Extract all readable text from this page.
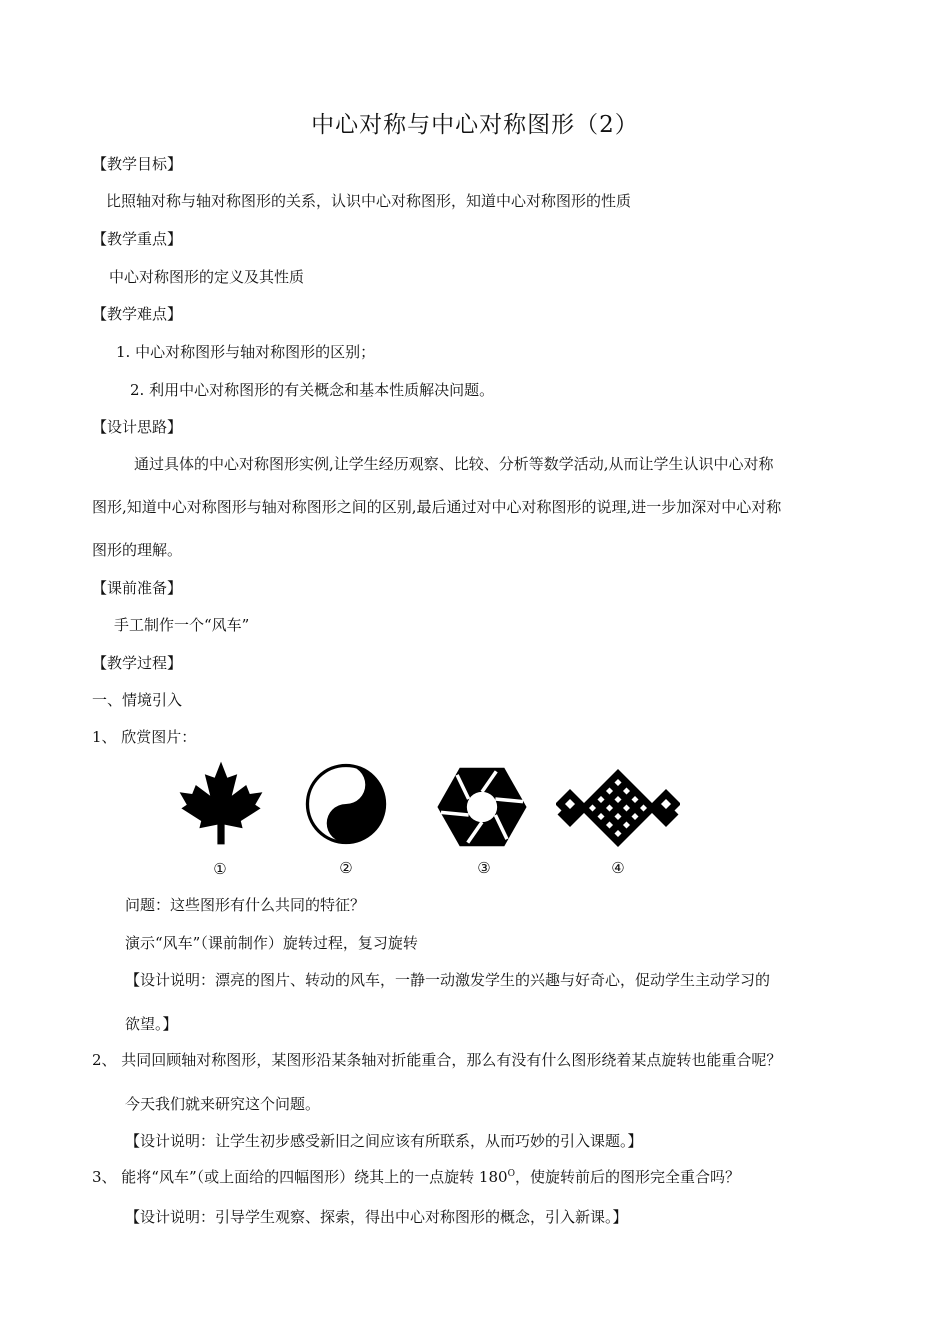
中心对称与中心对称图形（2）
【教学目标】
比照轴对称与轴对称图形的关系，认识中心对称图形，知道中心对称图形的性质
【教学重点】
中心对称图形的定义及其性质
【教学难点】
1. 中心对称图形与轴对称图形的区别；
2. 利用中心对称图形的有关概念和基本性质解决问题。
【设计思路】
通过具体的中心对称图形实例,让学生经历观察、比较、分析等数学活动,从而让学生认识中心对称
图形,知道中心对称图形与轴对称图形之间的区别,最后通过对中心对称图形的说理,进一步加深对中心对称
图形的理解。
【课前准备】
手工制作一个“风车”
【教学过程】
一、情境引入
1、 欣赏图片：
①	②	③	④
问题：这些图形有什么共同的特征？
演示“风车”（课前制作）旋转过程，复习旋转
【设计说明：漂亮的图片、转动的风车，一静一动激发学生的兴趣与好奇心，促动学生主动学习的
欲望。】
2、 共同回顾轴对称图形，某图形沿某条轴对折能重合，那么有没有什么图形绕着某点旋转也能重合呢？
今天我们就来研究这个问题。
【设计说明：让学生初步感受新旧之间应该有所联系，从而巧妙的引入课题。】
3、 能将“风车”（或上面给的四幅图形）绕其上的一点旋转 $180^O$，使旋转前后的图形完全重合吗？
【设计说明：引导学生观察、探索，得出中心对称图形的概念，引入新课。】
